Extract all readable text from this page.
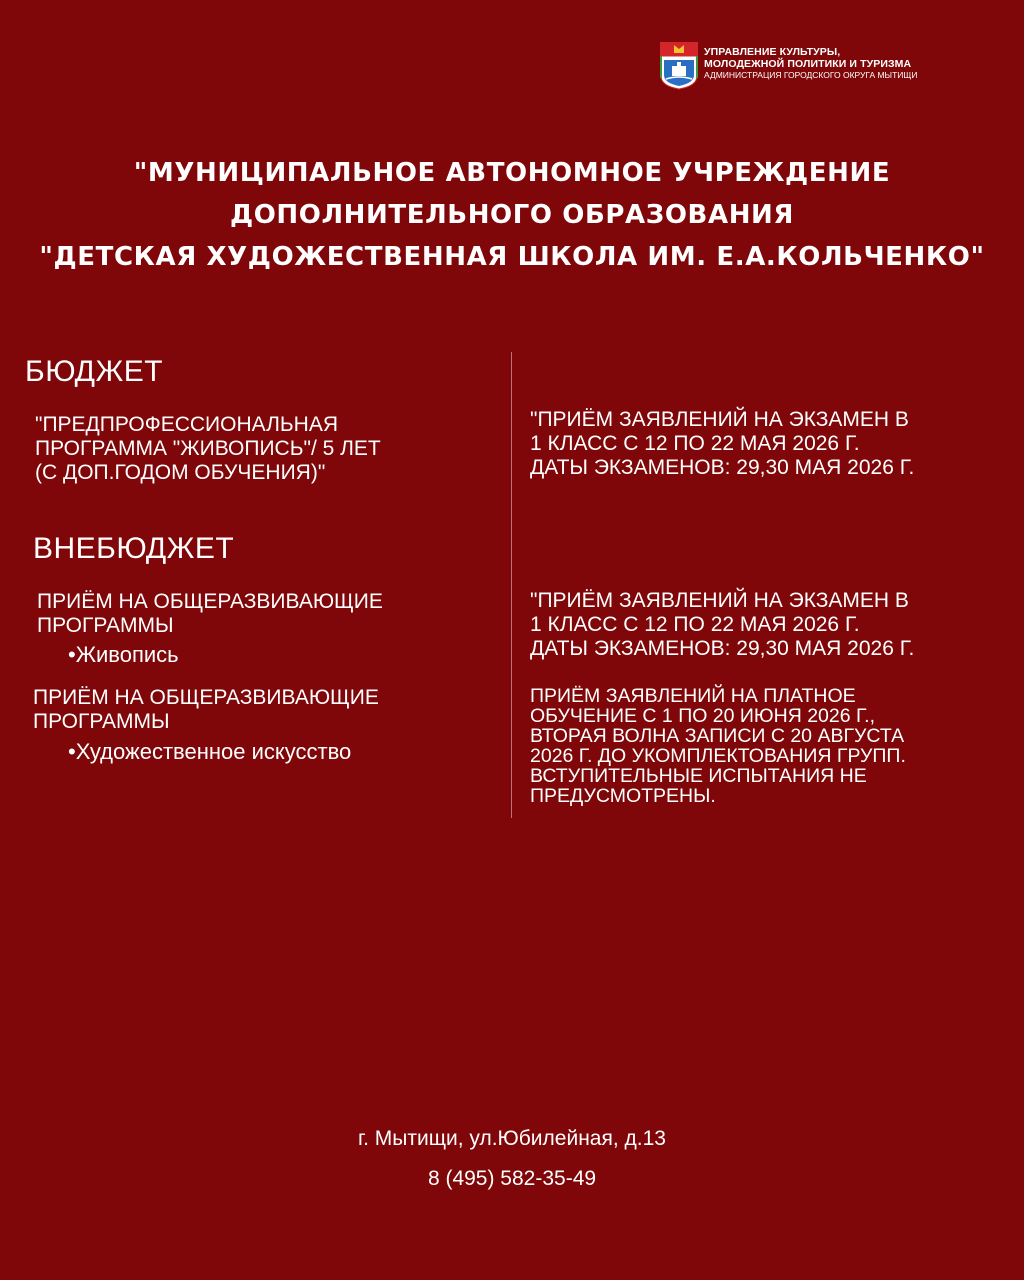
УПРАВЛЕНИЕ КУЛЬТУРЫ,
МОЛОДЕЖНОЙ ПОЛИТИКИ И ТУРИЗМА
АДМИНИСТРАЦИЯ ГОРОДСКОГО ОКРУГА МЫТИЩИ
"МУНИЦИПАЛЬНОЕ АВТОНОМНОЕ УЧРЕЖДЕНИЕ
ДОПОЛНИТЕЛЬНОГО ОБРАЗОВАНИЯ
"ДЕТСКАЯ ХУДОЖЕСТВЕННАЯ ШКОЛА ИМ. Е.А.КОЛЬЧЕНКО"
БЮДЖЕТ
"ПРЕДПРОФЕССИОНАЛЬНАЯ
ПРОГРАММА "ЖИВОПИСЬ"/ 5 ЛЕТ
(С ДОП.ГОДОМ ОБУЧЕНИЯ)"
"ПРИЁМ ЗАЯВЛЕНИЙ НА ЭКЗАМЕН В
1 КЛАСС С 12 ПО 22 МАЯ 2026 Г.
ДАТЫ ЭКЗАМЕНОВ: 29,30 МАЯ 2026 Г.
ВНЕБЮДЖЕТ
ПРИЁМ НА ОБЩЕРАЗВИВАЮЩИЕ
ПРОГРАММЫ
•Живопись
"ПРИЁМ ЗАЯВЛЕНИЙ НА ЭКЗАМЕН В
1 КЛАСС С 12 ПО 22 МАЯ 2026 Г.
ДАТЫ ЭКЗАМЕНОВ: 29,30 МАЯ 2026 Г.
ПРИЁМ НА ОБЩЕРАЗВИВАЮЩИЕ
ПРОГРАММЫ
•Художественное искусство
ПРИЁМ ЗАЯВЛЕНИЙ НА ПЛАТНОЕ
ОБУЧЕНИЕ С 1 ПО 20 ИЮНЯ 2026 Г.,
ВТОРАЯ ВОЛНА ЗАПИСИ С 20 АВГУСТА
2026 Г. ДО УКОМПЛЕКТОВАНИЯ ГРУПП.
ВСТУПИТЕЛЬНЫЕ ИСПЫТАНИЯ НЕ
ПРЕДУСМОТРЕНЫ.
г. Мытищи, ул.Юбилейная, д.13
8 (495) 582-35-49
